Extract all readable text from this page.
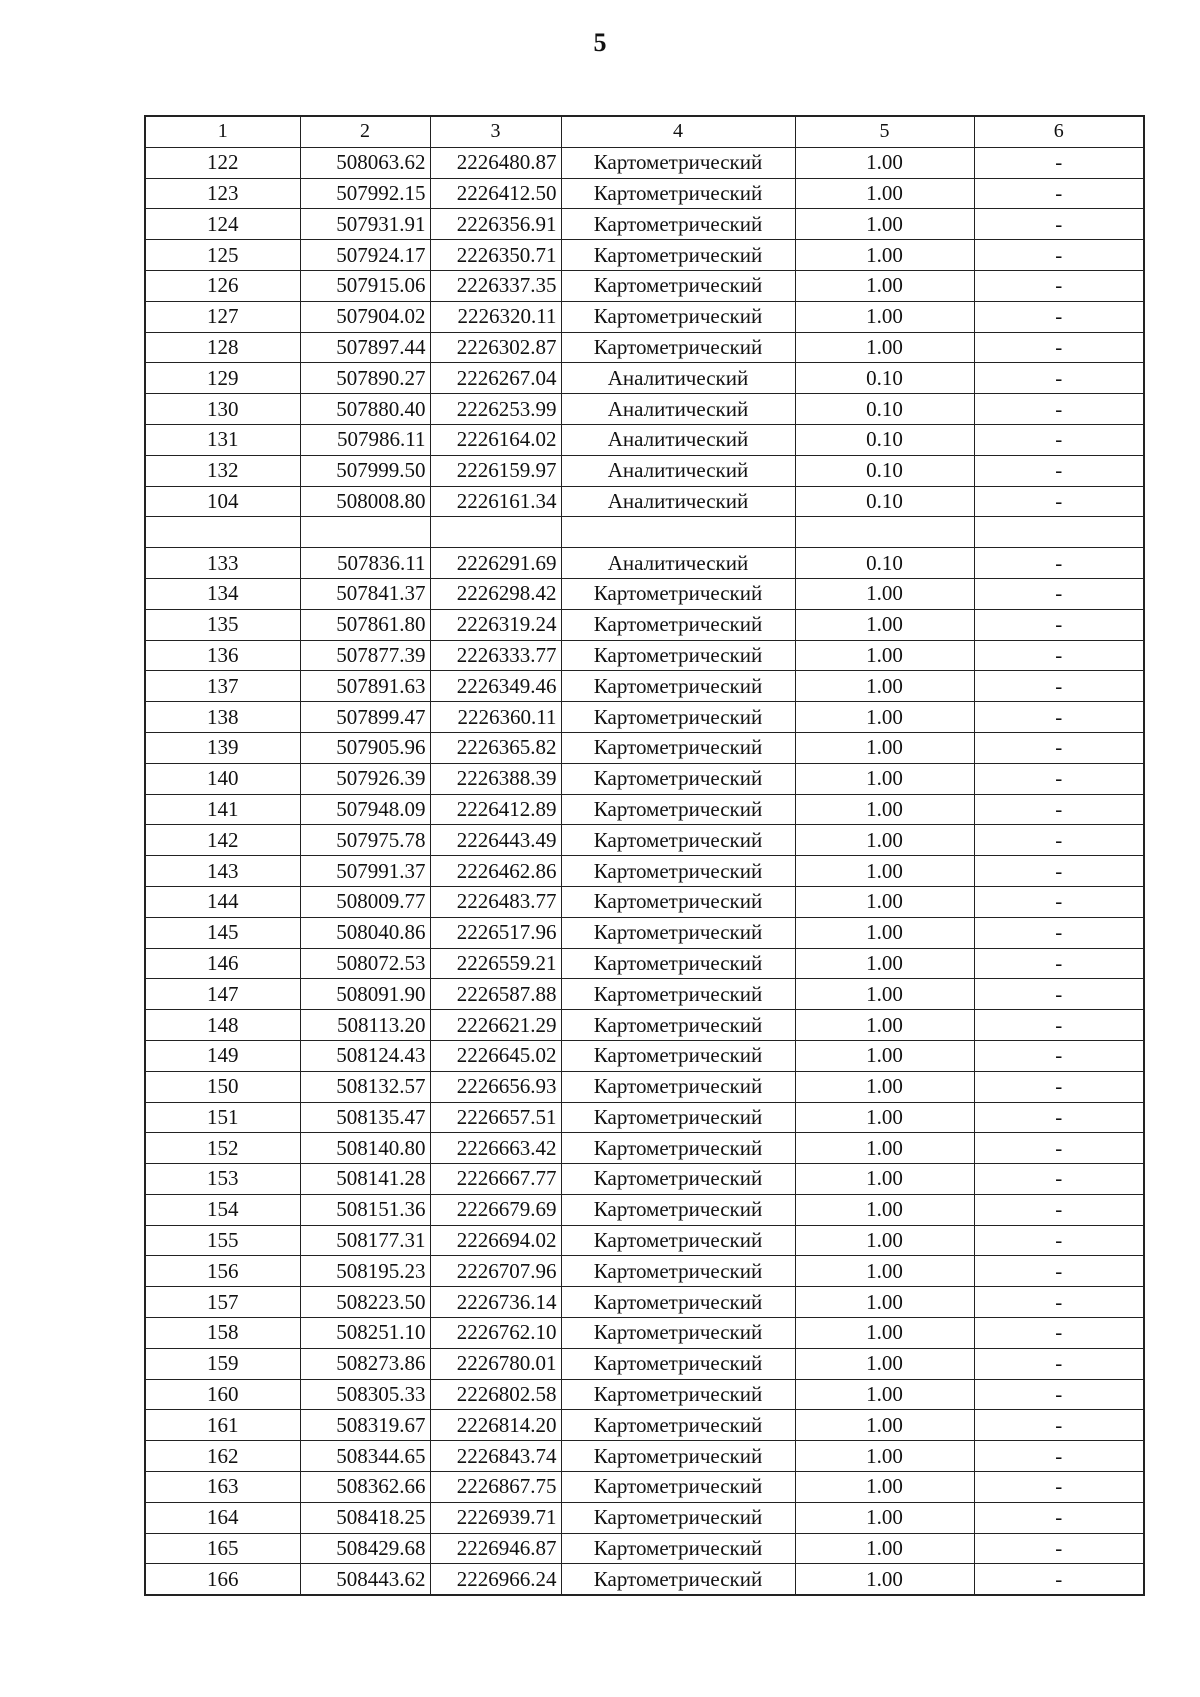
5
1	2	3	4	5	6
122	508063.62	2226480.87	Картометрический	1.00	-
123	507992.15	2226412.50	Картометрический	1.00	-
124	507931.91	2226356.91	Картометрический	1.00	-
125	507924.17	2226350.71	Картометрический	1.00	-
126	507915.06	2226337.35	Картометрический	1.00	-
127	507904.02	2226320.11	Картометрический	1.00	-
128	507897.44	2226302.87	Картометрический	1.00	-
129	507890.27	2226267.04	Аналитический	0.10	-
130	507880.40	2226253.99	Аналитический	0.10	-
131	507986.11	2226164.02	Аналитический	0.10	-
132	507999.50	2226159.97	Аналитический	0.10	-
104	508008.80	2226161.34	Аналитический	0.10	-

133	507836.11	2226291.69	Аналитический	0.10	-
134	507841.37	2226298.42	Картометрический	1.00	-
135	507861.80	2226319.24	Картометрический	1.00	-
136	507877.39	2226333.77	Картометрический	1.00	-
137	507891.63	2226349.46	Картометрический	1.00	-
138	507899.47	2226360.11	Картометрический	1.00	-
139	507905.96	2226365.82	Картометрический	1.00	-
140	507926.39	2226388.39	Картометрический	1.00	-
141	507948.09	2226412.89	Картометрический	1.00	-
142	507975.78	2226443.49	Картометрический	1.00	-
143	507991.37	2226462.86	Картометрический	1.00	-
144	508009.77	2226483.77	Картометрический	1.00	-
145	508040.86	2226517.96	Картометрический	1.00	-
146	508072.53	2226559.21	Картометрический	1.00	-
147	508091.90	2226587.88	Картометрический	1.00	-
148	508113.20	2226621.29	Картометрический	1.00	-
149	508124.43	2226645.02	Картометрический	1.00	-
150	508132.57	2226656.93	Картометрический	1.00	-
151	508135.47	2226657.51	Картометрический	1.00	-
152	508140.80	2226663.42	Картометрический	1.00	-
153	508141.28	2226667.77	Картометрический	1.00	-
154	508151.36	2226679.69	Картометрический	1.00	-
155	508177.31	2226694.02	Картометрический	1.00	-
156	508195.23	2226707.96	Картометрический	1.00	-
157	508223.50	2226736.14	Картометрический	1.00	-
158	508251.10	2226762.10	Картометрический	1.00	-
159	508273.86	2226780.01	Картометрический	1.00	-
160	508305.33	2226802.58	Картометрический	1.00	-
161	508319.67	2226814.20	Картометрический	1.00	-
162	508344.65	2226843.74	Картометрический	1.00	-
163	508362.66	2226867.75	Картометрический	1.00	-
164	508418.25	2226939.71	Картометрический	1.00	-
165	508429.68	2226946.87	Картометрический	1.00	-
166	508443.62	2226966.24	Картометрический	1.00	-
